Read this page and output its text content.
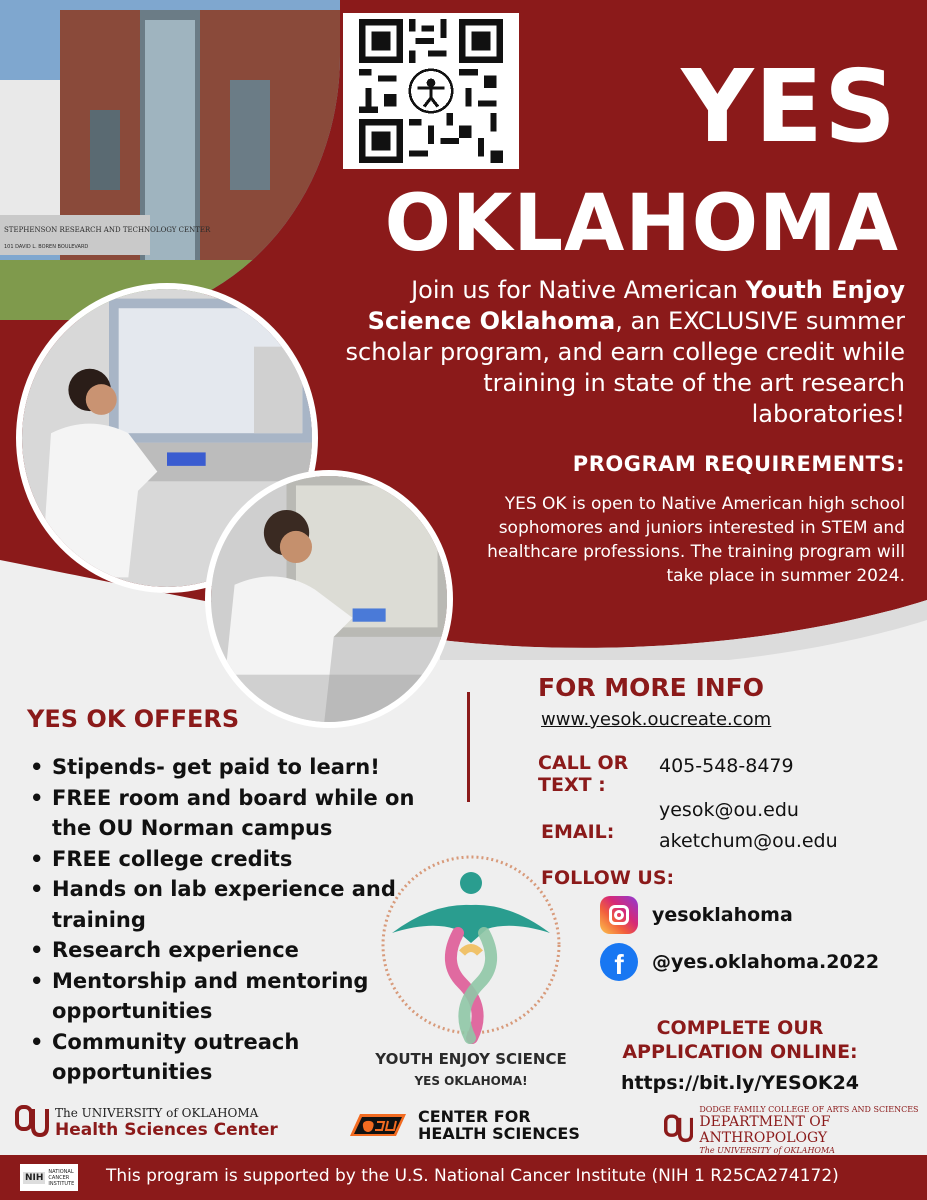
STEPHENSON RESEARCH AND TECHNOLOGY CENTER
101 DAVID L. BOREN BOULEVARD
YES
OKLAHOMA
Join us for Native American Youth Enjoy Science Oklahoma, an EXCLUSIVE summer scholar program, and earn college credit while training in state of the art research laboratories!
PROGRAM REQUIREMENTS:
YES OK is open to Native American high school sophomores and juniors interested in STEM and healthcare professions. The training program will take place in summer 2024.
YES OK OFFERS
• Stipends- get paid to learn!
• FREE room and board while on the OU Norman campus
• FREE college credits
• Hands on lab experience and training
• Research experience
• Mentorship and mentoring opportunities
• Community outreach opportunities
YOUTH ENJOY SCIENCE
YES OKLAHOMA!
FOR MORE INFO
www.yesok.oucreate.com
CALL OR TEXT :
405-548-8479
EMAIL:
yesok@ou.edu
aketchum@ou.edu
FOLLOW US:
yesoklahoma
f	@yes.oklahoma.2022
COMPLETE OUR APPLICATION ONLINE:
https://bit.ly/YESOK24
The UNIVERSITY of OKLAHOMA
Health Sciences Center
CENTER FOR
HEALTH SCIENCES
DODGE FAMILY COLLEGE OF ARTS AND SCIENCES
DEPARTMENT OF ANTHROPOLOGY
The UNIVERSITY of OKLAHOMA
NIH
NATIONAL CANCER INSTITUTE This program is supported by the U.S. National Cancer Institute (NIH 1 R25CA274172)
